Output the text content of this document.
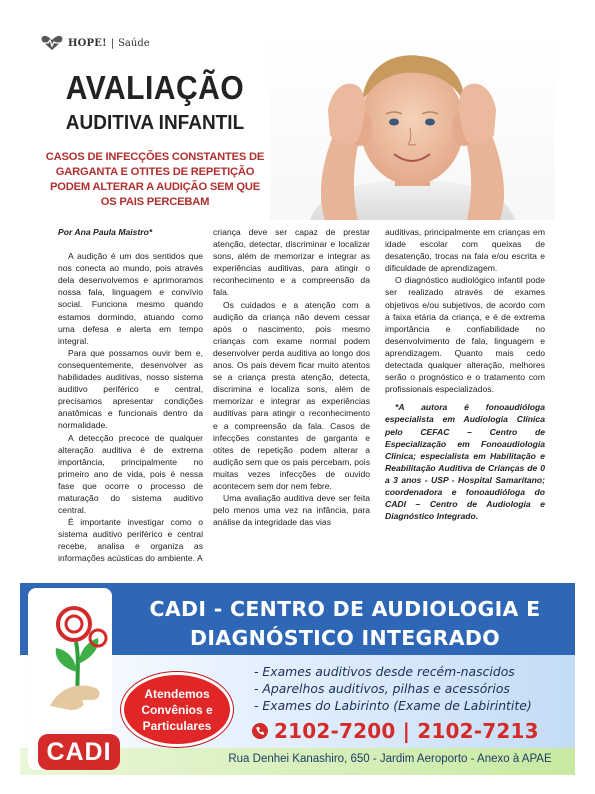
HOPE! | Saúde
AVALIAÇÃO
AUDITIVA INFANTIL
CASOS DE INFECÇÕES CONSTANTES DE GARGANTA E OTITES DE REPETIÇÃO PODEM ALTERAR A AUDIÇÃO SEM QUE OS PAIS PERCEBAM

Por Ana Paula Maistro*

A audição é um dos sentidos que nos conecta ao mundo, pois através dela desenvolvemos e aprimoramos nossa fala, linguagem e convívio social. Funciona mesmo quando estamos dormindo, atuando como uma defesa e alerta em tempo integral.

Para que possamos ouvir bem e, consequentemente, desenvolver as habilidades auditivas, nosso sistema auditivo periférico e central, precisamos apresentar condições anatômicas e funcionais dentro da normalidade.

A detecção precoce de qualquer alteração auditiva é de extrema importância, principalmente no primeiro ano de vida, pois é nessa fase que ocorre o processo de maturação do sistema auditivo central.

É importante investigar como o sistema auditivo periférico e central recebe, analisa e organiza as informações acústicas do ambiente. A

criança deve ser capaz de prestar atenção, detectar, discriminar e localizar sons, além de memorizar e integrar as experiências auditivas, para atingir o reconhecimento e a compreensão da fala.

Os cuidados e a atenção com a audição da criança não devem cessar após o nascimento, pois mesmo crianças com exame normal podem desenvolver perda auditiva ao longo dos anos. Os pais devem ficar muito atentos se a criança presta atenção, detecta, discrimina e localiza sons, além de memorizar e integrar as experiências auditivas para atingir o reconhecimento e a compreensão da fala. Casos de infecções constantes de garganta e otites de repetição podem alterar a audição sem que os pais percebam, pois muitas vezes infecções de ouvido acontecem sem dor nem febre.

Uma avaliação auditiva deve ser feita pelo menos uma vez na infância, para análise da integridade das vias

auditivas, principalmente em crianças em idade escolar com queixas de desatenção, trocas na fala e/ou escrita e dificuldade de aprendizagem.

O diagnóstico audiológico infantil pode ser realizado através de exames objetivos e/ou subjetivos, de acordo com a faixa etária da criança, e é de extrema importância e confiabilidade no desenvolvimento de fala, linguagem e aprendizagem. Quanto mais cedo detectada qualquer alteração, melhores serão o prognóstico e o tratamento com profissionais especializados.

*A autora é fonoaudióloga especialista em Audiologia Clínica pelo CEFAC – Centro de Especialização em Fonoaudiologia Clínica; especialista em Habilitação e Reabilitação Auditiva de Crianças de 0 a 3 anos - USP - Hospital Samaritano; coordenadora e fonoaudióloga do CADI – Centro de Audiologia e Diagnóstico Integrado.

CADI
CADI - CENTRO DE AUDIOLOGIA E DIAGNÓSTICO INTEGRADO
Atendemos
Convênios e
Particulares
- Exames auditivos desde recém-nascidos
- Aparelhos auditivos, pilhas e acessórios
- Exames do Labirinto (Exame de Labirintite)
2102-7200 | 2102-7213
Rua Denhei Kanashiro, 650 - Jardim Aeroporto - Anexo à APAE
